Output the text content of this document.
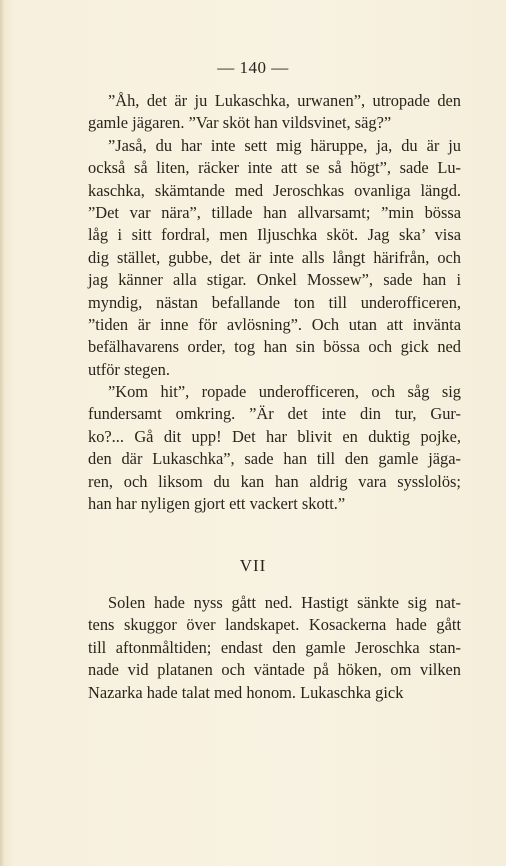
— 140 —
”Åh, det är ju Lukaschka, urwanen”, utropade den
gamle jägaren. ”Var sköt han vildsvinet, säg?”
”Jaså, du har inte sett mig häruppe, ja, du är ju
också så liten, räcker inte att se så högt”, sade Lu-
kaschka, skämtande med Jeroschkas ovanliga längd.
”Det var nära”, tillade han allvarsamt; ”min bössa
låg i sitt fordral, men Iljuschka sköt. Jag ska’ visa
dig stället, gubbe, det är inte alls långt härifrån, och
jag känner alla stigar. Onkel Mossew”, sade han i
myndig, nästan befallande ton till underofficeren,
”tiden är inne för avlösning”. Och utan att invänta
befälhavarens order, tog han sin bössa och gick ned
utför stegen.
”Kom hit”, ropade underofficeren, och såg sig
fundersamt omkring. ”Är det inte din tur, Gur-
ko?... Gå dit upp! Det har blivit en duktig pojke,
den där Lukaschka”, sade han till den gamle jäga-
ren, och liksom du kan han aldrig vara sysslolös;
han har nyligen gjort ett vackert skott.”
VII
Solen hade nyss gått ned. Hastigt sänkte sig nat-
tens skuggor över landskapet. Kosackerna hade gått
till aftonmåltiden; endast den gamle Jeroschka stan-
nade vid platanen och väntade på höken, om vilken
Nazarka hade talat med honom. Lukaschka gick
